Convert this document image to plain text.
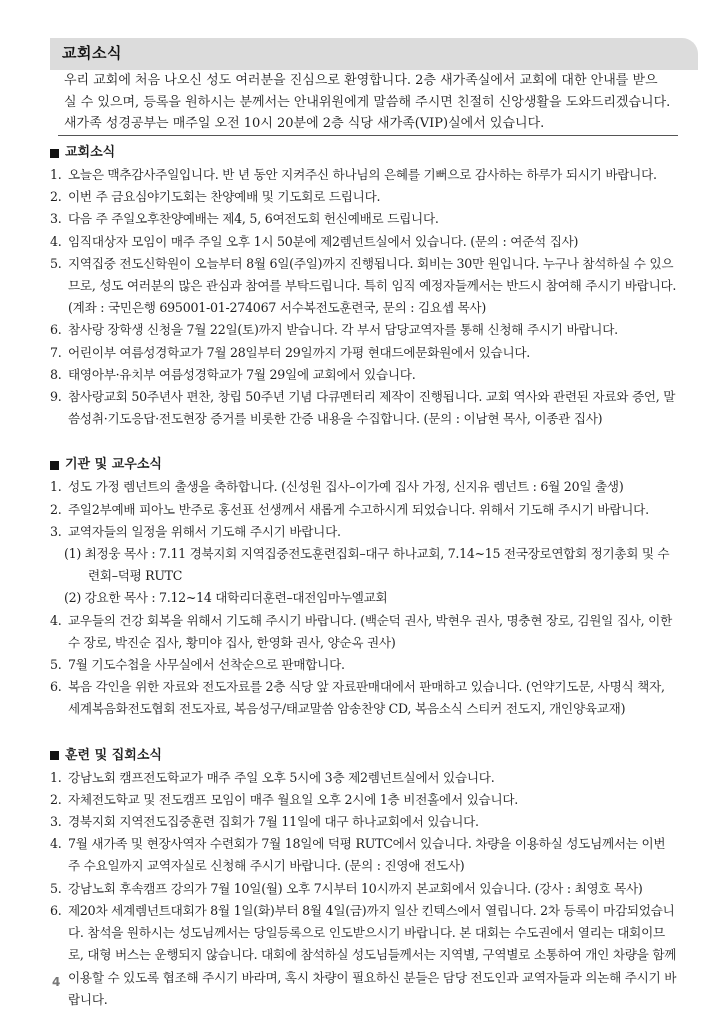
교회소식

우리 교회에 처음 나오신 성도 여러분을 진심으로 환영합니다. 2층 새가족실에서 교회에 대한 안내를 받으

실 수 있으며, 등록을 원하시는 분께서는 안내위원에게 말씀해 주시면 친절히 신앙생활을 도와드리겠습니다.

새가족 성경공부는 매주일 오전 10시 20분에 2층 식당 새가족(VIP)실에서 있습니다.

교회소식
1. 오늘은 맥추감사주일입니다. 반 년 동안 지켜주신 하나님의 은혜를 기뻐으로 감사하는 하루가 되시기 바랍니다.
2. 이번 주 금요심야기도회는 찬양예배 및 기도회로 드립니다.
3. 다음 주 주일오후찬양예배는 제4, 5, 6여전도회 헌신예배로 드립니다.
4. 임직대상자 모임이 매주 주일 오후 1시 50분에 제2렘넌트실에서 있습니다. (문의 : 여준석 집사)
5. 지역집중 전도신학원이 오늘부터 8월 6일(주일)까지 진행됩니다. 회비는 30만 원입니다. 누구나 참석하실 수 있으므로, 성도 여러분의 많은 관심과 참여를 부탁드립니다. 특히 임직 예정자들께서는 반드시 참여해 주시기 바랍니다. (계좌 : 국민은행 695001-01-274067 서수복전도훈련국, 문의 : 김요셉 목사)
6. 참사랑 장학생 신청을 7월 22일(토)까지 받습니다. 각 부서 담당교역자를 통해 신청해 주시기 바랍니다.
7. 어린이부 여름성경학교가 7월 28일부터 29일까지 가평 현대드에문화원에서 있습니다.
8. 태영아부·유치부 여름성경학교가 7월 29일에 교회에서 있습니다.
9. 참사랑교회 50주년사 편찬, 창립 50주년 기념 다큐멘터리 제작이 진행됩니다. 교회 역사와 관련된 자료와 증언, 말씀성취·기도응답·전도현장 증거를 비롯한 간증 내용을 수집합니다. (문의 : 이남현 목사, 이종관 집사)
기관 및 교우소식
1. 성도 가정 렘넌트의 출생을 축하합니다. (신성원 집사–이가예 집사 가정, 신지유 렘넌트 : 6월 20일 출생)
2. 주일2부예배 피아노 반주로 홍선표 선생께서 새롭게 수고하시게 되었습니다. 위해서 기도해 주시기 바랍니다.
3. 교역자들의 일정을 위해서 기도해 주시기 바랍니다.
(1) 최정웅 목사 : 7.11 경북지회 지역집중전도훈련집회–대구 하나교회, 7.14~15 전국장로연합회 정기총회 및 수련회–덕평 RUTC
(2) 강요한 목사 : 7.12~14 대학리더훈련–대전임마누엘교회
4. 교우들의 건강 회복을 위해서 기도해 주시기 바랍니다. (백순덕 권사, 박현우 권사, 명충현 장로, 김원일 집사, 이한수 장로, 박진순 집사, 황미야 집사, 한영화 권사, 양순옥 권사)
5. 7월 기도수첩을 사무실에서 선착순으로 판매합니다.
6. 복음 각인을 위한 자료와 전도자료를 2층 식당 앞 자료판매대에서 판매하고 있습니다. (언약기도문, 사명식 책자, 세계복음화전도협회 전도자료, 복음성구/태교말씀 암송찬양 CD, 복음소식 스티커 전도지, 개인양육교재)
훈련 및 집회소식
1. 강남노회 캠프전도학교가 매주 주일 오후 5시에 3층 제2렘넌트실에서 있습니다.
2. 자체전도학교 및 전도캠프 모임이 매주 월요일 오후 2시에 1층 비전홀에서 있습니다.
3. 경북지회 지역전도집중훈련 집회가 7월 11일에 대구 하나교회에서 있습니다.
4. 7월 새가족 및 현장사역자 수련회가 7월 18일에 덕평 RUTC에서 있습니다. 차량을 이용하실 성도님께서는 이번 주 수요일까지 교역자실로 신청해 주시기 바랍니다. (문의 : 진영애 전도사)
5. 강남노회 후속캠프 강의가 7월 10일(월) 오후 7시부터 10시까지 본교회에서 있습니다. (강사 : 최영호 목사)
6. 제20차 세계렘넌트대회가 8월 1일(화)부터 8월 4일(금)까지 일산 킨텍스에서 열립니다. 2차 등록이 마감되었습니다. 참석을 원하시는 성도님께서는 당일등록으로 인도받으시기 바랍니다. 본 대회는 수도권에서 열리는 대회이므로, 대형 버스는 운행되지 않습니다. 대회에 참석하실 성도님들께서는 지역별, 구역별로 소통하여 개인 차량을 함께 이용할 수 있도록 협조해 주시기 바라며, 혹시 차량이 필요하신 분들은 담당 전도인과 교역자들과 의논해 주시기 바랍니다.
4
